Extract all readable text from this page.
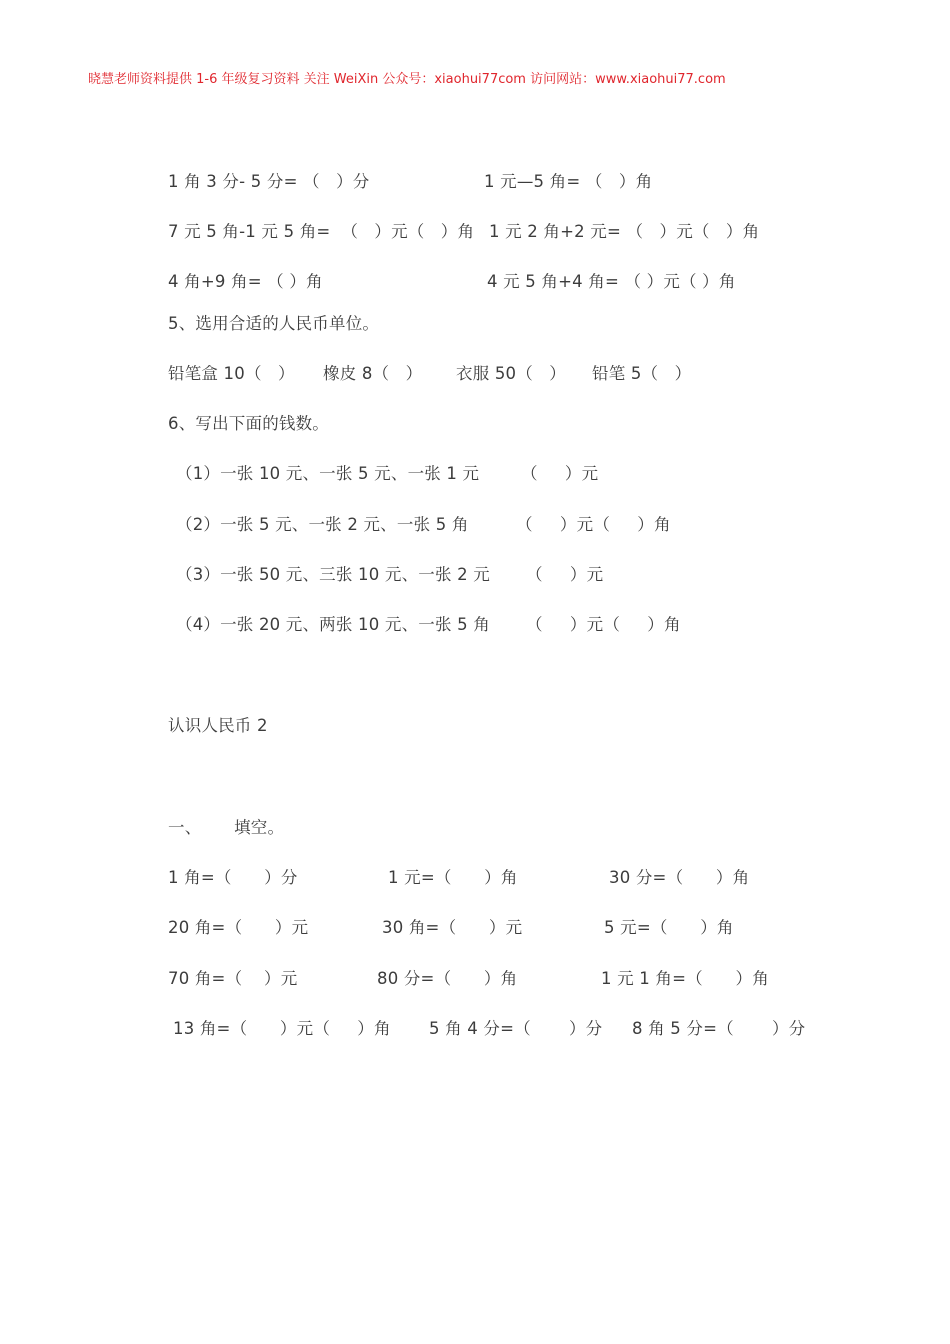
晓慧老师资料提供 1-6 年级复习资料 关注 WeiXin 公众号：xiaohui77com 访问网站：www.xiaohui77.com
1 角 3 分- 5 分= （   ）分	1 元—5 角= （   ）角
7 元 5 角-1 元 5 角=  （   ）元（   ）角 1 元 2 角+2 元= （   ）元（   ）角
4 角+9 角= （ ）角	4 元 5 角+4 角= （ ）元（ ）角
5、选用合适的人民币单位。
铅笔盒 10（   ） 橡皮 8（   ） 衣服 50（   ） 铅笔 5（   ）
6、写出下面的钱数。
（1）一张 10 元、一张 5 元、一张 1 元	（     ）元
（2）一张 5 元、一张 2 元、一张 5 角	（     ）元（     ）角
（3）一张 50 元、三张 10 元、一张 2 元 （     ）元
（4）一张 20 元、两张 10 元、一张 5 角 （     ）元（     ）角
认识人民币 2
一、      填空。
1 角=（      ）分	1 元=（      ）角	30 分=（      ）角
20 角=（      ）元	30 角=（      ）元	5 元=（      ）角
70 角=（    ）元	80 分=（      ）角	1 元 1 角=（      ）角
13 角=（      ）元（     ）角 5 角 4 分=（       ）分 8 角 5 分=（       ）分
